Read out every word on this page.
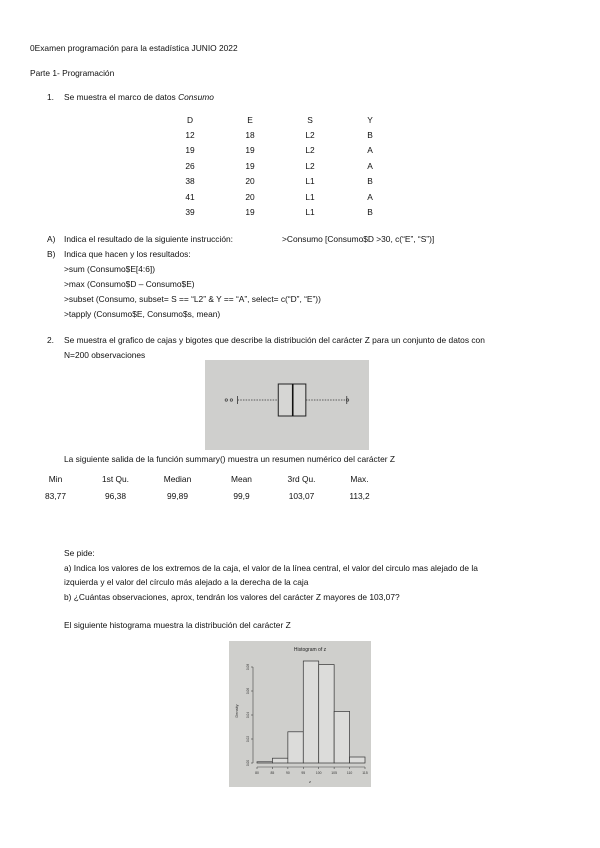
0Examen programación para la estadística JUNIO 2022
Parte 1- Programación
1. Se muestra el marco de datos Consumo
D	E	S	Y
12	18	L2	B
19	19	L2	A
26	19	L2	A
38	20	L1	B
41	20	L1	A
39	19	L1	B
A) Indica el resultado de la siguiente instrucción:	>Consumo [Consumo$D >30, c(“E”, “S”)]
B) Indica que hacen y los resultados:
>sum (Consumo$E[4:6])
>max (Consumo$D – Consumo$E)
>subset (Consumo, subset= S == “L2” & Y == “A”, select= c(“D”, “E”))
>tapply (Consumo$E, Consumo$s, mean)
2. Se muestra el grafico de cajas y bigotes que describe la distribución del carácter Z para un conjunto de datos con
N=200 observaciones
La siguiente salida de la función summary() muestra un resumen numérico del carácter Z
Min	1st Qu.	Median	Mean	3rd Qu.	Max.
83,77	96,38	99,89	99,9	103,07	113,2
Se pide:
a) Indica los valores de los extremos de la caja, el valor de la línea central, el valor del circulo mas alejado de la
izquierda y el valor del círculo más alejado a la derecha de la caja
b) ¿Cuántas observaciones, aprox, tendrán los valores del carácter Z mayores de 103,07?
El siguiente histograma muestra la distribución del carácter Z
Histogram of z
Density
z
0.00
0.02
0.04
0.06
0.08
80	85	90	95	100	105	110	115
